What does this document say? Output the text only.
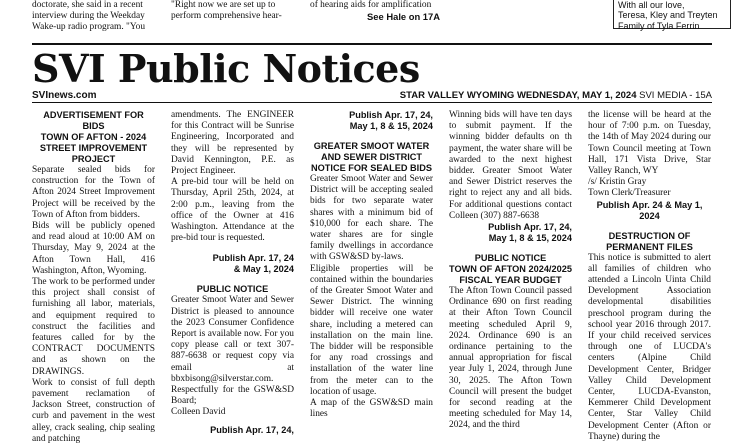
doctorate, she said in a recent

interview during the Weekday

Wake-up radio program. "You

"Right now we are set up to

perform comprehensive hear-

of hearing aids for amplification

See Hale on 17A

With all our love,

Teresa, Kley and Treyten

Family of Tyla Ferrin

SVI Public Notices
SVInews.com	STAR VALLEY WYOMING WEDNESDAY, MAY 1, 2024 SVI MEDIA - 15A

ADVERTISEMENT FOR BIDS

TOWN OF AFTON - 2024

STREET IMPROVEMENT

PROJECT

Separate sealed bids for construction for the Town of Afton 2024 Street Improvement Project will be received by the Town of Afton from bidders.

Bids will be publicly opened and read aloud at 10:00 AM on Thursday, May 9, 2024 at the Afton Town Hall, 416 Washington, Afton, Wyoming.

The work to be performed under this project shall consist of furnishing all labor, materials, and equipment required to construct the facilities and features called for by the CONTRACT DOCUMENTS and as shown on the DRAWINGS.

Work to consist of full depth pavement reclamation of Jackson Street, construction of curb and pavement in the west alley, crack sealing, chip sealing and patching

amendments. The ENGINEER for this Contract will be Sunrise Engineering, Incorporated and they will be represented by David Kennington, P.E. as Project Engineer.

A pre-bid tour will be held on Thursday, April 25th, 2024, at 2:00 p.m., leaving from the office of the Owner at 416 Washington. Attendance at the pre-bid tour is requested.

Publish Apr. 17, 24

& May 1, 2024

PUBLIC NOTICE

Greater Smoot Water and Sewer District is pleased to announce the 2023 Consumer Confidence Report is available now. For you copy please call or text 307-887-6638 or request copy via email at bbxbisong@silverstar.com.

Respectfully for the GSW&SD Board;

Colleen David

Publish Apr. 17, 24,

Publish Apr. 17, 24,

May 1, 8 & 15, 2024

GREATER SMOOT WATER

AND SEWER DISTRICT

NOTICE FOR SEALED BIDS

Greater Smoot Water and Sewer District will be accepting sealed bids for two separate water shares with a minimum bid of $10,000 for each share. The water shares are for single family dwellings in accordance with GSW&SD by-laws.

Eligible properties will be contained within the boundaries of the Greater Smoot Water and Sewer District. The winning bidder will receive one water share, including a metered can installation on the main line. The bidder will be responsible for any road crossings and installation of the water line from the meter can to the location of usage.

A map of the GSW&SD main lines

Winning bids will have ten days to submit payment. If the winning bidder defaults on th payment, the water share will be awarded to the next highest bidder. Greater Smoot Water and Sewer District reserves the right to reject any and all bids. For additional questions contact Colleen (307) 887-6638

Publish Apr. 17, 24,

May 1, 8 & 15, 2024

PUBLIC NOTICE

TOWN OF AFTON 2024/2025

FISCAL YEAR BUDGET

The Afton Town Council passed Ordinance 690 on first reading at their Afton Town Council meeting scheduled April 9, 2024. Ordinance 690 is an ordinance pertaining to the annual appropriation for fiscal year July 1, 2024, through June 30, 2025. The Afton Town Council will present the budget for second reading at the meeting scheduled for May 14, 2024, and the third

the license will be heard at the hour of 7:00 p.m. on Tuesday, the 14th of May 2024 during our Town Council meeting at Town Hall, 171 Vista Drive, Star Valley Ranch, WY

/s/ Kristin Gray

Town Clerk/Treasurer

Publish Apr. 24 & May 1, 2024

DESTRUCTION OF

PERMANENT FILES

This notice is submitted to alert all families of children who attended a Lincoln Uinta Child Development Association developmental disabilities preschool program during the school year 2016 through 2017. If your child received services through one of LUCDA's centers (Alpine Child Development Center, Bridger Valley Child Development Center, LUCDA-Evanston, Kemmerer Child Development Center, Star Valley Child Development Center (Afton or Thayne) during the
